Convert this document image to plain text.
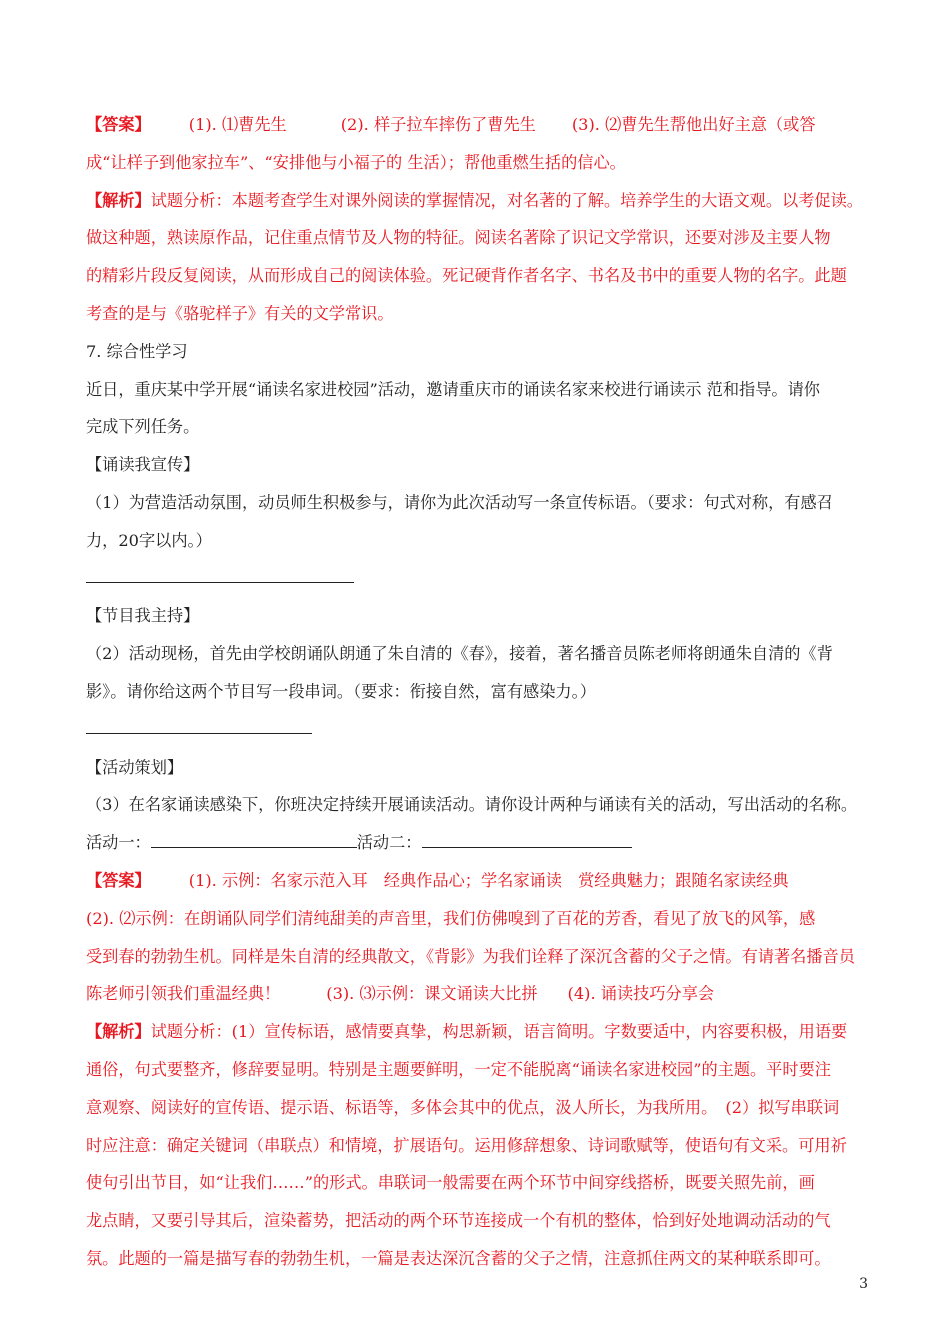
【答案】 (1). ⑴曹先生	(2). 样子拉车摔伤了曹先生 (3). ⑵曹先生帮他出好主意（或答
成“让样子到他家拉车”、“安排他与小福子的 生活）；帮他重燃生括的信心。
【解析】试题分析：本题考查学生对课外阅读的掌握情况，对名著的了解。培养学生的大语文观。以考促读。
做这种题，熟读原作品，记住重点情节及人物的特征。阅读名著除了识记文学常识，还要对涉及主要人物
的精彩片段反复阅读，从而形成自己的阅读体验。死记硬背作者名字、书名及书中的重要人物的名字。此题
考查的是与《骆驼样子》有关的文学常识。
7. 综合性学习
近日，重庆某中学开展“诵读名家进校园”活动，邀请重庆市的诵读名家来校进行诵读示 范和指导。请你
完成下列任务。
【诵读我宣传】
（1）为营造活动氛围，动员师生积极参与，请你为此次活动写一条宣传标语。（要求：句式对称，有感召
力，20字以内。）
【节目我主持】
（2）活动现杨，首先由学校朗诵队朗通了朱自清的《春》，接着，著名播音员陈老师将朗通朱自清的《背
影》。请你给这两个节目写一段串词。（要求：衔接自然，富有感染力。）
【活动策划】
（3）在名家诵读感染下，你班决定持续开展诵读活动。请你设计两种与诵读有关的活动，写出活动的名称。
活动一：	活动二：
【答案】 (1). 示例：名家示范入耳　经典作品心；学名家诵读　赏经典魅力；跟随名家读经典
(2). ⑵示例：在朗诵队同学们清纯甜美的声音里，我们仿佛嗅到了百花的芳香，看见了放飞的风筝，感
受到春的勃勃生机。同样是朱自清的经典散文，《背影》为我们诠释了深沉含蓄的父子之情。有请著名播音员
陈老师引领我们重温经典！	(3). ⑶示例：课文诵读大比拼 (4). 诵读技巧分享会
【解析】试题分析：(1）宣传标语，感情要真挚，构思新颖，语言简明。字数要适中，内容要积极，用语要
通俗，句式要整齐，修辞要显明。特别是主题要鲜明，一定不能脱离“诵读名家进校园”的主题。平时要注
意观察、阅读好的宣传语、提示语、标语等，多体会其中的优点，汲人所长，为我所用。　(2）拟写串联词
时应注意：确定关键词（串联点）和情境，扩展语句。运用修辞想象、诗词歌赋等，使语句有文采。可用祈
使句引出节目，如“让我们……”的形式。串联词一般需要在两个环节中间穿线搭桥，既要关照先前，画
龙点睛，又要引导其后，渲染蓄势，把活动的两个环节连接成一个有机的整体，恰到好处地调动活动的气
氛。此题的一篇是描写春的勃勃生机，一篇是表达深沉含蓄的父子之情，注意抓住两文的某种联系即可。
3
